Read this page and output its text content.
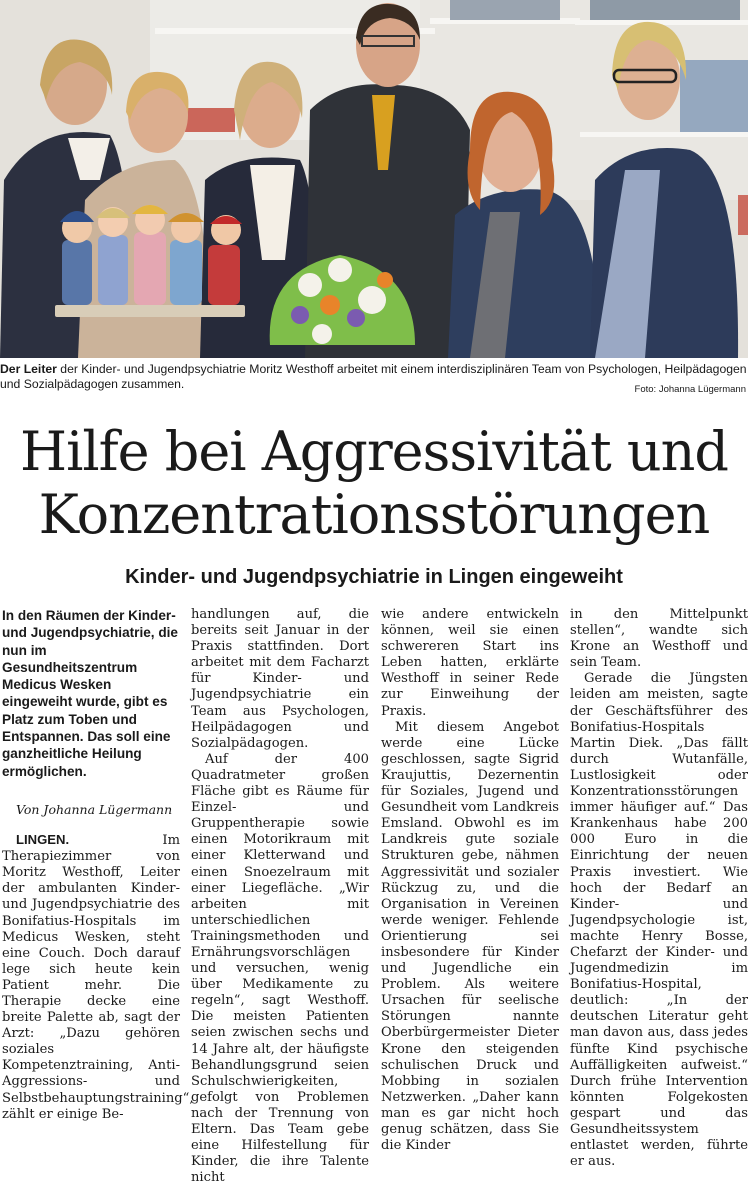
Der Leiter der Kinder- und Jugendpsychiatrie Moritz Westhoff arbeitet mit einem interdisziplinären Team von Psychologen, Heilpädagogen und Sozialpädagogen zusammen.	Foto: Johanna Lügermann
Hilfe bei Aggressivität und
Konzentrationsstörungen
Kinder- und Jugendpsychiatrie in Lingen eingeweiht

In den Räumen der Kinder- und Jugendpsychiatrie, die nun im Gesundheitszentrum Medicus Wesken eingeweiht wurde, gibt es Platz zum Toben und Entspannen. Das soll eine ganzheitliche Heilung ermöglichen.

Von Johanna Lügermann

LINGEN. Im Therapiezimmer von Moritz Westhoff, Leiter der ambulanten Kinder- und Jugendpsychiatrie des Bonifatius-Hospitals im Medicus Wesken, steht eine Couch. Doch darauf lege sich heute kein Patient mehr. Die Therapie decke eine breite Palette ab, sagt der Arzt: „Dazu gehören soziales Kompetenztraining, Anti-Aggressions- und Selbstbehauptungstraining“, zählt er einige Be-

handlungen auf, die bereits seit Januar in der Praxis stattfinden. Dort arbeitet mit dem Facharzt für Kinder- und Jugendpsychiatrie ein Team aus Psychologen, Heilpädagogen und Sozialpädagogen.

Auf der 400 Quadratmeter großen Fläche gibt es Räume für Einzel- und Gruppentherapie sowie einen Motorikraum mit einer Kletterwand und einen Snoezelraum mit einer Liegefläche. „Wir arbeiten mit unterschiedlichen Trainingsmethoden und Ernährungsvorschlägen und versuchen, wenig über Medikamente zu regeln“, sagt Westhoff. Die meisten Patienten seien zwischen sechs und 14 Jahre alt, der häufigste Behandlungsgrund seien Schulschwierigkeiten, gefolgt von Problemen nach der Trennung von Eltern. Das Team gebe eine Hilfestellung für Kinder, die ihre Talente nicht

wie andere entwickeln können, weil sie einen schwereren Start ins Leben hatten, erklärte Westhoff in seiner Rede zur Einweihung der Praxis.

Mit diesem Angebot werde eine Lücke geschlossen, sagte Sigrid Kraujuttis, Dezernentin für Soziales, Jugend und Gesundheit vom Landkreis Emsland. Obwohl es im Landkreis gute soziale Strukturen gebe, nähmen Aggressivität und sozialer Rückzug zu, und die Organisation in Vereinen werde weniger. Fehlende Orientierung sei insbesondere für Kinder und Jugendliche ein Problem. Als weitere Ursachen für seelische Störungen nannte Oberbürgermeister Dieter Krone den steigenden schulischen Druck und Mobbing in sozialen Netzwerken. „Daher kann man es gar nicht hoch genug schätzen, dass Sie die Kinder

in den Mittelpunkt stellen“, wandte sich Krone an Westhoff und sein Team.

Gerade die Jüngsten leiden am meisten, sagte der Geschäftsführer des Bonifatius-Hospitals Martin Diek. „Das fällt durch Wutanfälle, Lustlosigkeit oder Konzentrationsstörungen immer häufiger auf.“ Das Krankenhaus habe 200 000 Euro in die Einrichtung der neuen Praxis investiert. Wie hoch der Bedarf an Kinder- und Jugendpsychologie ist, machte Henry Bosse, Chefarzt der Kinder- und Jugendmedizin im Bonifatius-Hospital, deutlich: „In der deutschen Literatur geht man davon aus, dass jedes fünfte Kind psychische Auffälligkeiten aufweist.“ Durch frühe Intervention könnten Folgekosten gespart und das Gesundheitssystem entlastet werden, führte er aus.
